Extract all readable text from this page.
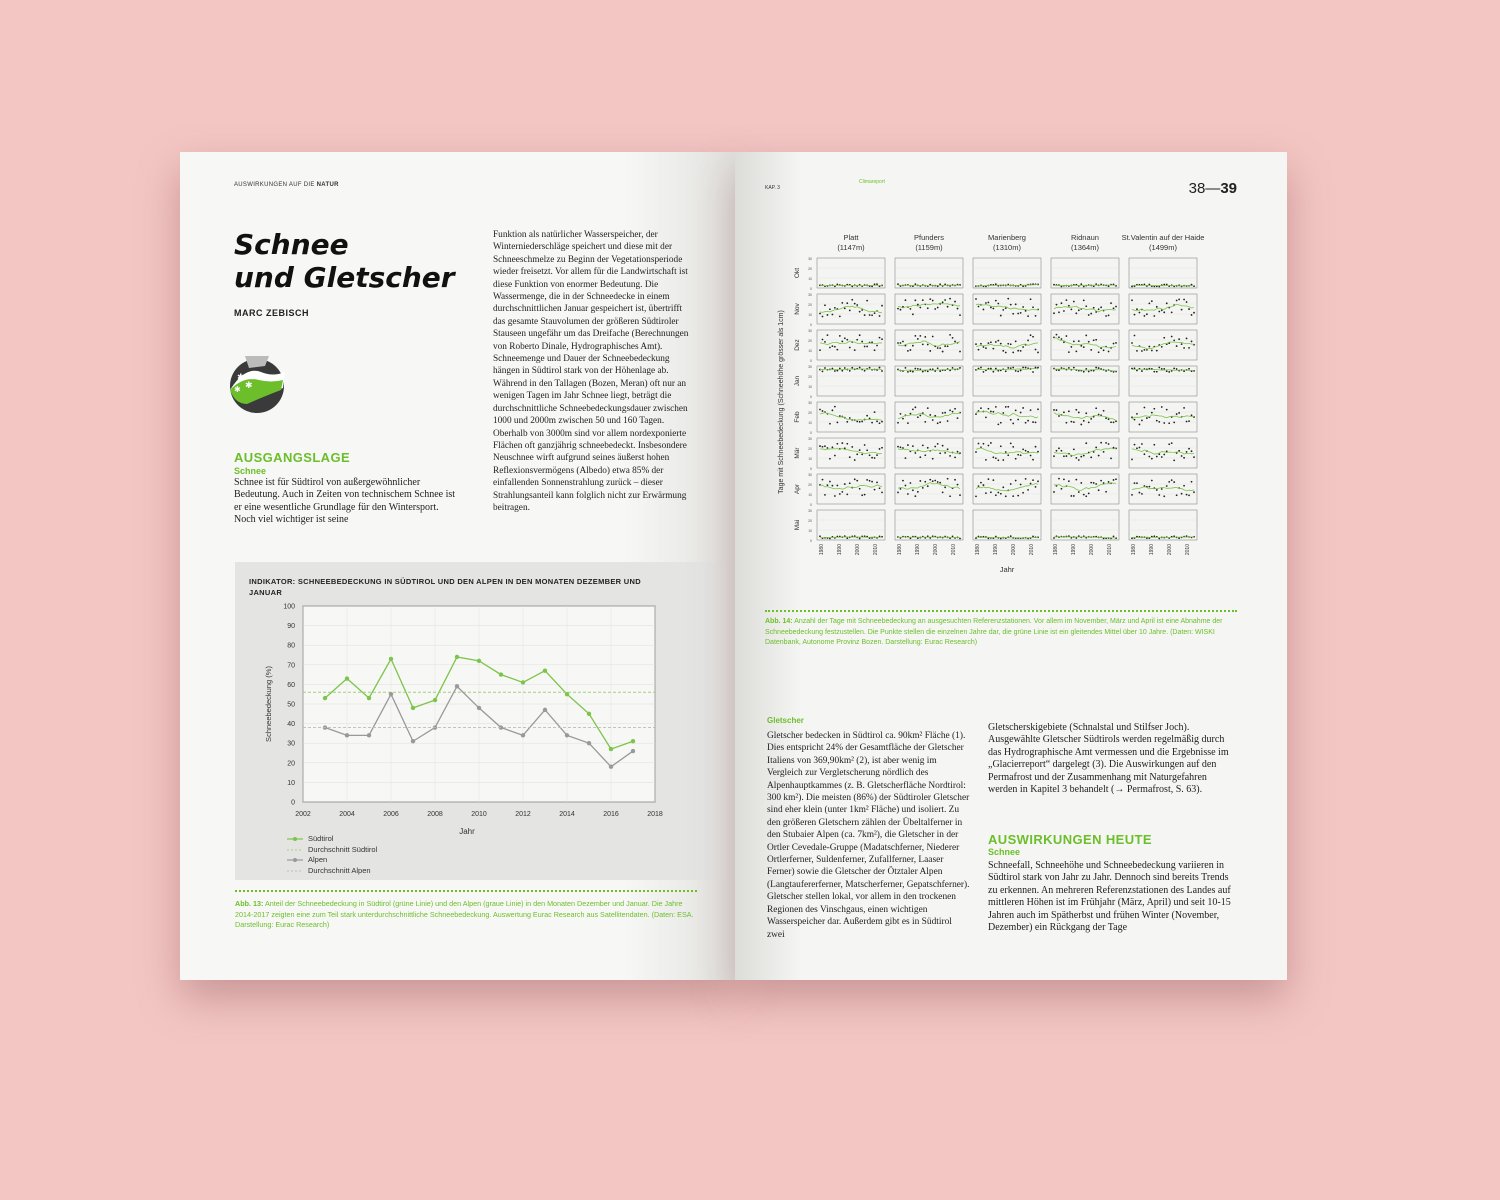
AUSWIRKUNGEN AUF DIE NATUR
Schnee
und Gletscher
MARC ZEBISCH
✱
✱
✱
AUSGANGSLAGE
Schnee
Schnee ist für Südtirol von außergewöhnlicher Bedeutung. Auch in Zeiten von technischem Schnee ist er eine wesentliche Grundlage für den Wintersport. Noch viel wichtiger ist seine
Funktion als natürlicher Wasserspeicher, der Winterniederschläge speichert und diese mit der Schneeschmelze zu Beginn der Vegetationsperiode wieder freisetzt. Vor allem für die Landwirtschaft ist diese Funktion von enormer Bedeutung. Die Wassermenge, die in der Schneedecke in einem durchschnittlichen Januar gespeichert ist, übertrifft das gesamte Stauvolumen der größeren Südtiroler Stauseen ungefähr um das Dreifache (Berechnungen von Roberto Dinale, Hydrographisches Amt). Schneemenge und Dauer der Schneebedeckung hängen in Südtirol stark von der Höhenlage ab. Während in den Tallagen (Bozen, Meran) oft nur an wenigen Tagen im Jahr Schnee liegt, beträgt die durchschnittliche Schneebedeckungsdauer zwischen 1000 und 2000m zwischen 50 und 160 Tagen. Oberhalb von 3000m sind vor allem nordexponierte Flächen oft ganzjährig schneebedeckt. Insbesondere Neuschnee wirft aufgrund seines äußerst hohen Reflexionsvermögens (Albedo) etwa 85% der einfallenden Sonnenstrahlung zurück – dieser Strahlungsanteil kann folglich nicht zur Erwärmung beitragen.
INDIKATOR: SCHNEEBEDECKUNG IN SÜDTIROL UND DEN ALPEN IN DEN MONATEN DEZEMBER UND JANUAR
0
10
20
30
40
50
60
70
80
90
100
2002	2004	2006	2008	2010	2012	2014	2016	2018
Jahr
Schneebedeckung (%)
Südtirol
Durchschnitt Südtirol
Alpen
Durchschnitt Alpen
Abb. 13: Anteil der Schneebedeckung in Südtirol (grüne Linie) und den Alpen (graue Linie) in den Monaten Dezember und Januar. Die Jahre 2014-2017 zeigten eine zum Teil stark unterdurchschnittliche Schneebedeckung. Auswertung Eurac Research aus Satellitendaten. (Daten: ESA. Darstellung: Eurac Research)
KAP. 3
Climareport	38—39
Tage mit Schneebedeckung (Schneehöhe grösser als 1cm)
Platt
(1147m)
Pfunders
(1159m)
Marienberg
(1310m)
Ridnaun
(1364m)
St.Valentin auf der Haide
(1499m)
Okt
0
10
20
30
Nov
0
10
20
30
Dez
0
10
20
30
Jan
0
10
20
30
Feb
0
10
20
30
Mär
0
10
20
30
Apr
0
10
20
30
Mai
0
10
20
30
1980 1990 2000 2010	1980 1990 2000 2010	1980 1990 2000 2010	1980 1990 2000 2010	1980 1990 2000 2010
Jahr
Abb. 14: Anzahl der Tage mit Schneebedeckung an ausgesuchten Referenzstationen. Vor allem im November, März und April ist eine Abnahme der Schneebedeckung festzustellen. Die Punkte stellen die einzelnen Jahre dar, die grüne Linie ist ein gleitendes Mittel über 10 Jahre. (Daten: WISKI Datenbank, Autonome Provinz Bozen. Darstellung: Eurac Research)
Gletscher
Gletscher bedecken in Südtirol ca. 90km² Fläche (1). Dies entspricht 24% der Gesamtfläche der Gletscher Italiens von 369,90km² (2), ist aber wenig im Vergleich zur Vergletscherung nördlich des Alpenhauptkammes (z. B. Gletscherfläche Nordtirol: 300 km²). Die meisten (86%) der Südtiroler Gletscher sind eher klein (unter 1km² Fläche) und isoliert. Zu den größeren Gletschern zählen der Übeltalferner in den Stubaier Alpen (ca. 7km²), die Gletscher in der Ortler Cevedale-Gruppe (Madatschferner, Niederer Ortlerferner, Suldenferner, Zufallferner, Laaser Ferner) sowie die Gletscher der Ötztaler Alpen (Langtaufererferner, Matscherferner, Gepatschferner). Gletscher stellen lokal, vor allem in den trockenen Regionen des Vinschgaus, einen wichtigen Wasserspeicher dar. Außerdem gibt es in Südtirol zwei
Gletscherskigebiete (Schnalstal und Stilfser Joch). Ausgewählte Gletscher Südtirols werden regelmäßig durch das Hydrographische Amt vermessen und die Ergebnisse im „Glacierreport“ dargelegt (3). Die Auswirkungen auf den Permafrost und der Zusammenhang mit Naturgefahren werden in Kapitel 3 behandelt (→ Permafrost, S. 63).
AUSWIRKUNGEN HEUTE
Schnee
Schneefall, Schneehöhe und Schneebedeckung variieren in Südtirol stark von Jahr zu Jahr. Dennoch sind bereits Trends zu erkennen. An mehreren Referenzstationen des Landes auf mittleren Höhen ist im Frühjahr (März, April) und seit 10-15 Jahren auch im Spätherbst und frühen Winter (November, Dezember) ein Rückgang der Tage
